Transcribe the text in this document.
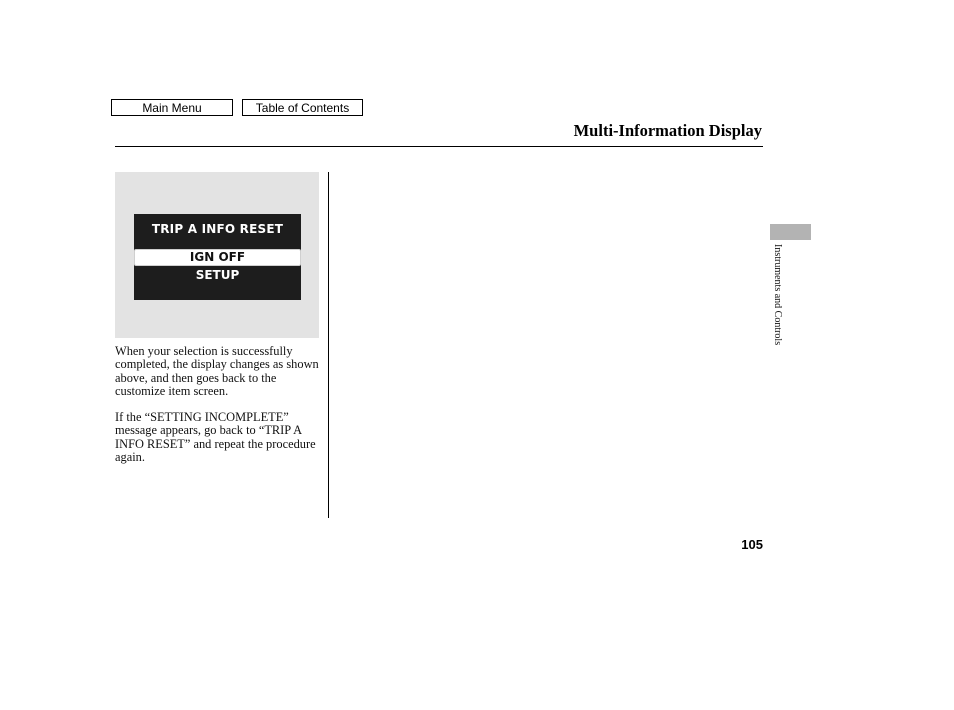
Main Menu	Table of Contents
Multi-Information Display
TRIP A INFO RESET
IGN OFF
SETUP
When your selection is successfully completed, the display changes as shown above, and then goes back to the customize item screen.
If the “SETTING INCOMPLETE” message appears, go back to “TRIP A INFO RESET” and repeat the procedure again.
Instruments and Controls
105
